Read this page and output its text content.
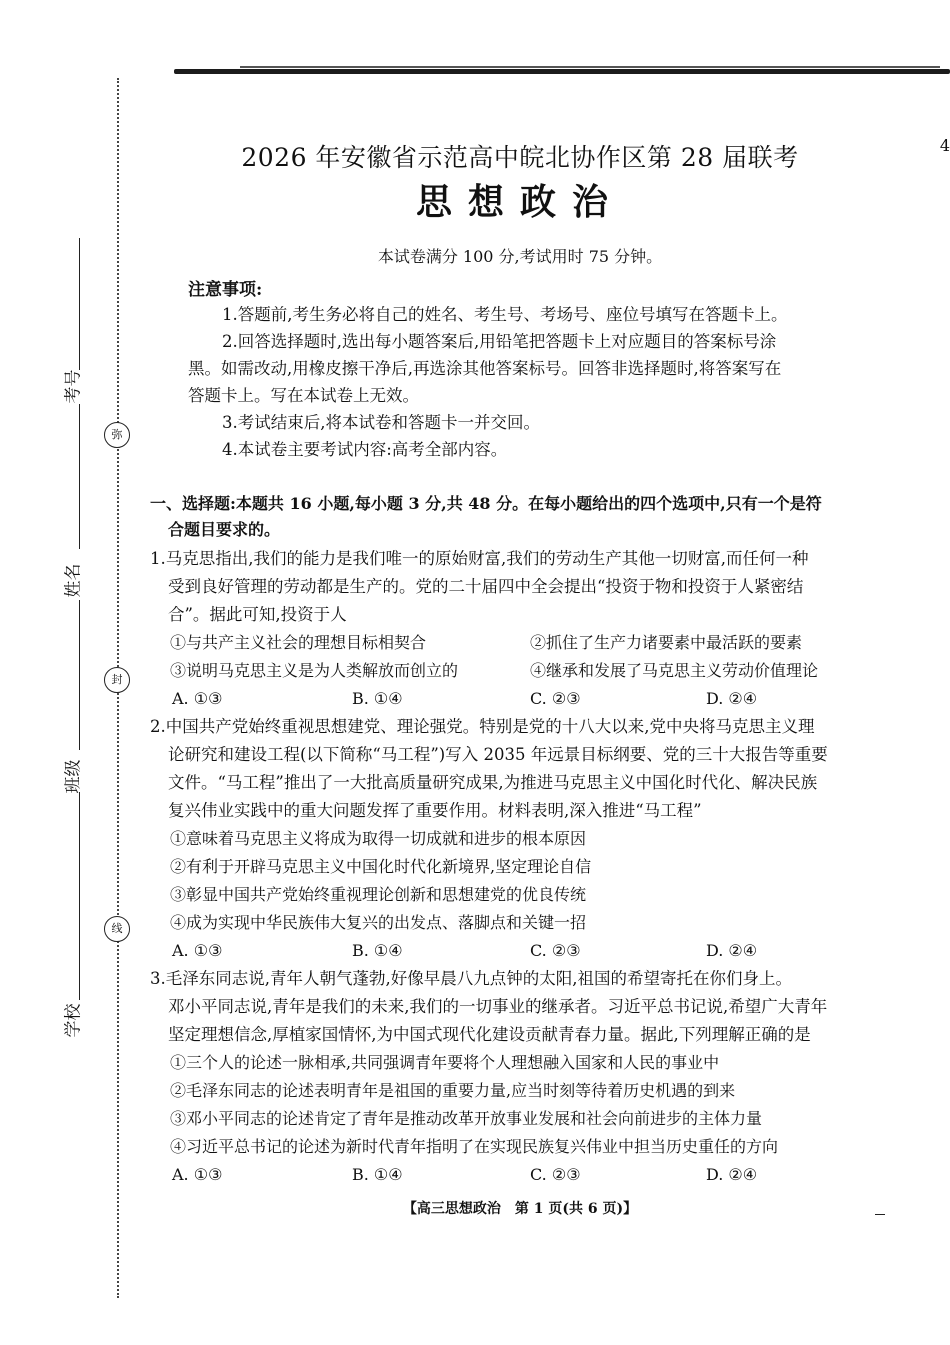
4
弥
封
线
考号
姓名
班级
学校
2026 年安徽省示范高中皖北协作区第 28 届联考
思想政治
本试卷满分 100 分,考试用时 75 分钟。
注意事项:
1.答题前,考生务必将自己的姓名、考生号、考场号、座位号填写在答题卡上。
2.回答选择题时,选出每小题答案后,用铅笔把答题卡上对应题目的答案标号涂
黑。如需改动,用橡皮擦干净后,再选涂其他答案标号。回答非选择题时,将答案写在
答题卡上。写在本试卷上无效。
3.考试结束后,将本试卷和答题卡一并交回。
4.本试卷主要考试内容:高考全部内容。
一、选择题:本题共 16 小题,每小题 3 分,共 48 分。在每小题给出的四个选项中,只有一个是符
合题目要求的。
1.马克思指出,我们的能力是我们唯一的原始财富,我们的劳动生产其他一切财富,而任何一种
受到良好管理的劳动都是生产的。党的二十届四中全会提出“投资于物和投资于人紧密结
合”。据此可知,投资于人
①与共产主义社会的理想目标相契合	②抓住了生产力诸要素中最活跃的要素
③说明马克思主义是为人类解放而创立的	④继承和发展了马克思主义劳动价值理论
A. ①③	B. ①④	C. ②③	D. ②④
2.中国共产党始终重视思想建党、理论强党。特别是党的十八大以来,党中央将马克思主义理
论研究和建设工程(以下简称“马工程”)写入 2035 年远景目标纲要、党的三十大报告等重要
文件。“马工程”推出了一大批高质量研究成果,为推进马克思主义中国化时代化、解决民族
复兴伟业实践中的重大问题发挥了重要作用。材料表明,深入推进“马工程”
①意味着马克思主义将成为取得一切成就和进步的根本原因
②有利于开辟马克思主义中国化时代化新境界,坚定理论自信
③彰显中国共产党始终重视理论创新和思想建党的优良传统
④成为实现中华民族伟大复兴的出发点、落脚点和关键一招
A. ①③	B. ①④	C. ②③	D. ②④
3.毛泽东同志说,青年人朝气蓬勃,好像早晨八九点钟的太阳,祖国的希望寄托在你们身上。
邓小平同志说,青年是我们的未来,我们的一切事业的继承者。习近平总书记说,希望广大青年
坚定理想信念,厚植家国情怀,为中国式现代化建设贡献青春力量。据此,下列理解正确的是
①三个人的论述一脉相承,共同强调青年要将个人理想融入国家和人民的事业中
②毛泽东同志的论述表明青年是祖国的重要力量,应当时刻等待着历史机遇的到来
③邓小平同志的论述肯定了青年是推动改革开放事业发展和社会向前进步的主体力量
④习近平总书记的论述为新时代青年指明了在实现民族复兴伟业中担当历史重任的方向
A. ①③	B. ①④	C. ②③	D. ②④
【高三思想政治　第 1 页(共 6 页)】
